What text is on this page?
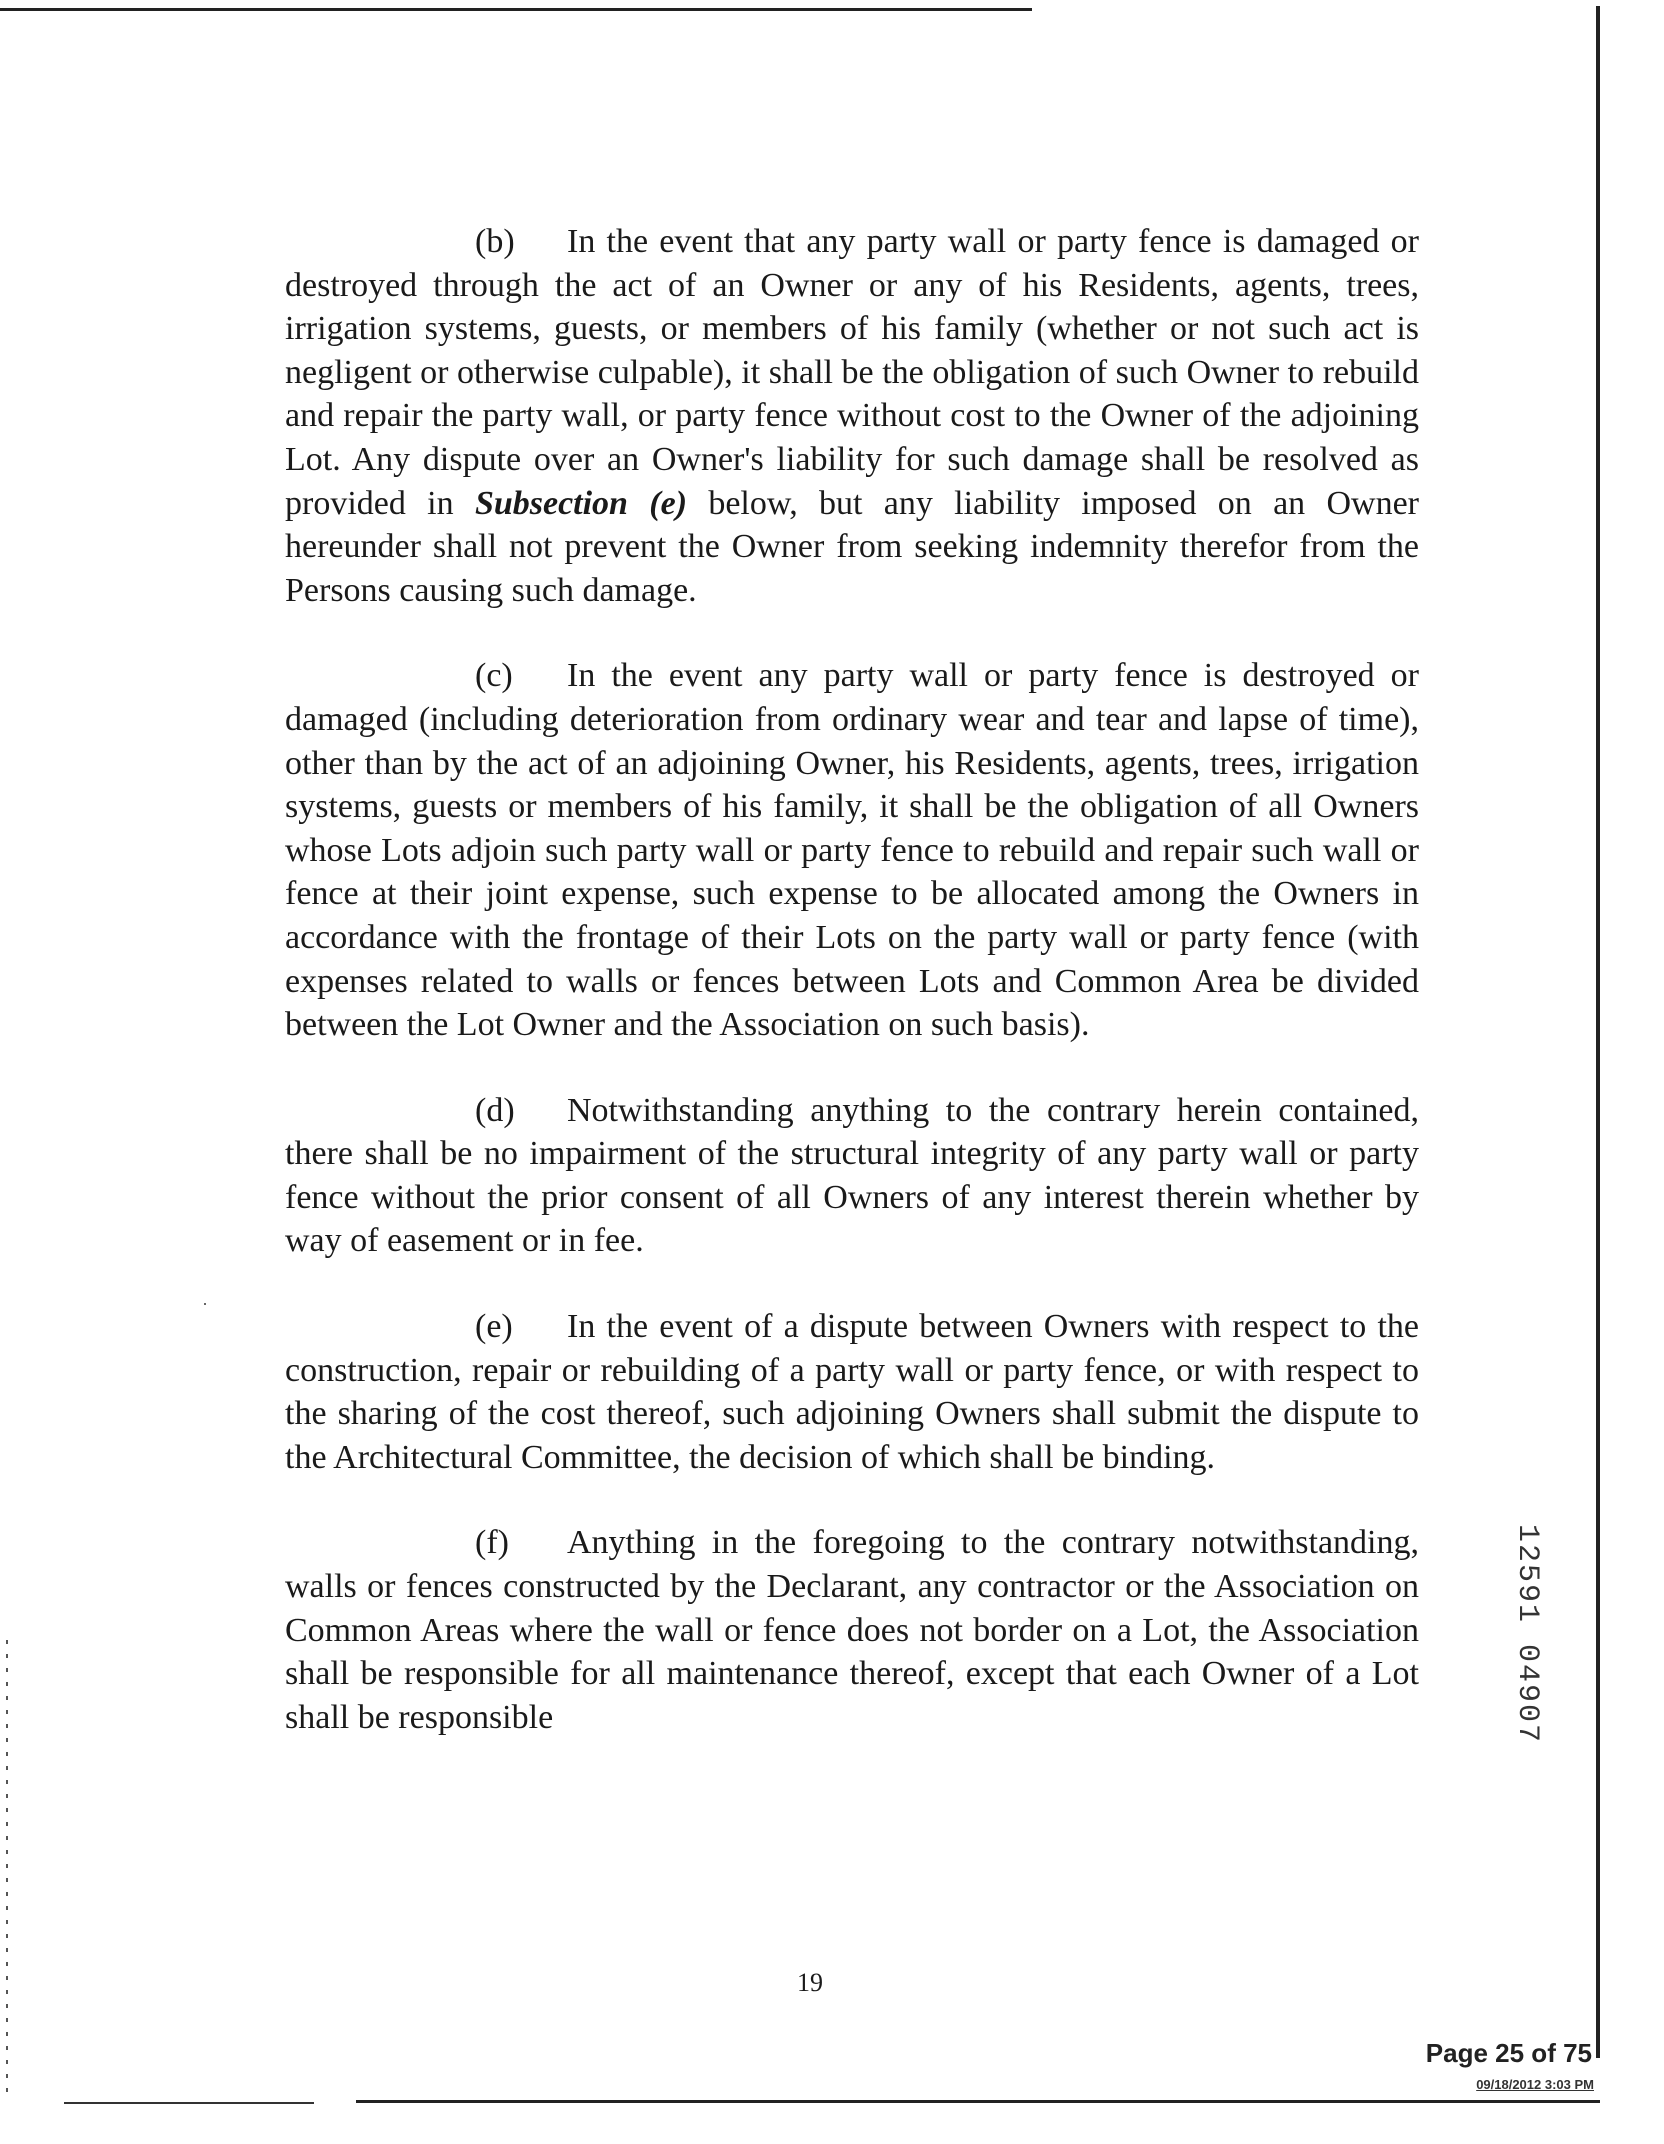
(b) In the event that any party wall or party fence is damaged or destroyed through the act of an Owner or any of his Residents, agents, trees, irrigation systems, guests, or members of his family (whether or not such act is negligent or otherwise culpable), it shall be the obligation of such Owner to rebuild and repair the party wall, or party fence without cost to the Owner of the adjoining Lot. Any dispute over an Owner's liability for such damage shall be resolved as provided in Subsection (e) below, but any liability imposed on an Owner hereunder shall not prevent the Owner from seeking indemnity therefor from the Persons causing such damage.

(c) In the event any party wall or party fence is destroyed or damaged (including deterioration from ordinary wear and tear and lapse of time), other than by the act of an adjoining Owner, his Residents, agents, trees, irrigation systems, guests or members of his family, it shall be the obligation of all Owners whose Lots adjoin such party wall or party fence to rebuild and repair such wall or fence at their joint expense, such expense to be allocated among the Owners in accordance with the frontage of their Lots on the party wall or party fence (with expenses related to walls or fences between Lots and Common Area be divided between the Lot Owner and the Association on such basis).

(d) Notwithstanding anything to the contrary herein contained, there shall be no impairment of the structural integrity of any party wall or party fence without the prior consent of all Owners of any interest therein whether by way of easement or in fee.

(e) In the event of a dispute between Owners with respect to the construction, repair or rebuilding of a party wall or party fence, or with respect to the sharing of the cost thereof, such adjoining Owners shall submit the dispute to the Architectural Committee, the decision of which shall be binding.

(f) Anything in the foregoing to the contrary notwithstanding, walls or fences constructed by the Declarant, any contractor or the Association on Common Areas where the wall or fence does not border on a Lot, the Association shall be responsible for all maintenance thereof, except that each Owner of a Lot shall be responsible	12591 04907
19
Page 25 of 75
09/18/2012 3:03 PM
